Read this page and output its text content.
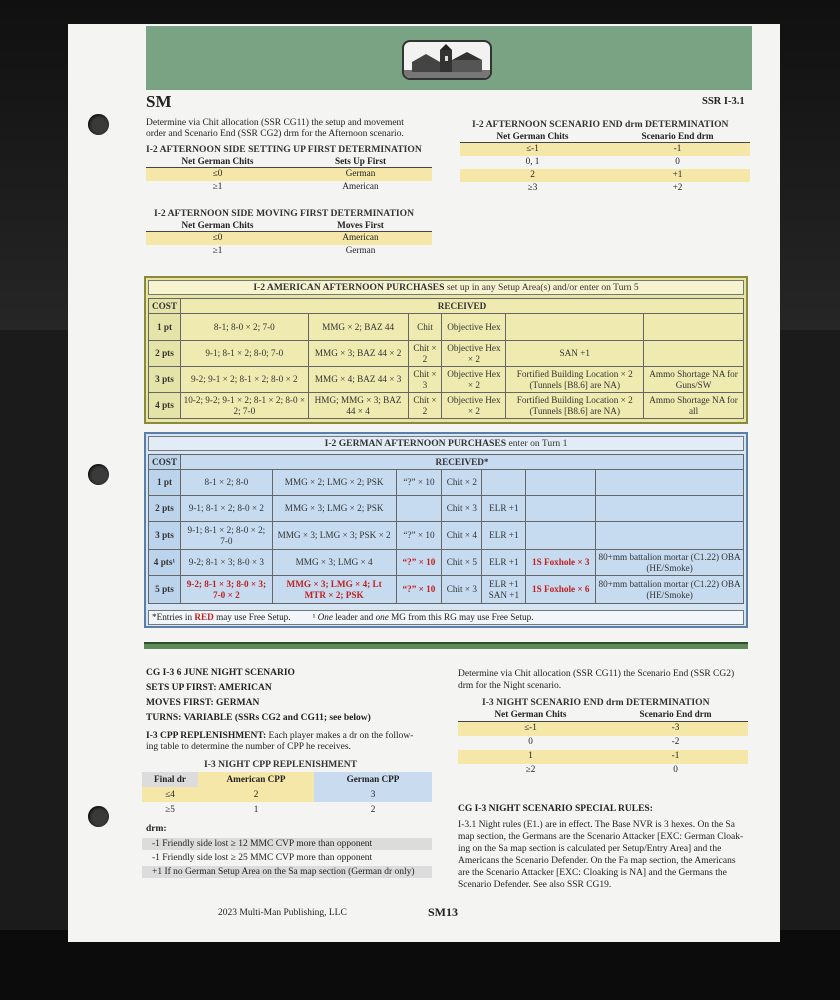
SM	SSR I-3.1
Determine via Chit allocation (SSR CG11) the setup and movement
order and Scenario End (SSR CG2) drm for the Afternoon scenario.
I-2 AFTERNOON SIDE SETTING UP FIRST DETERMINATION
Net German Chits	Sets Up First
≤0	German
≥1	American
I-2 AFTERNOON SIDE MOVING FIRST DETERMINATION
Net German Chits	Moves First
≤0	American
≥1	German
I-2 AFTERNOON SCENARIO END drm DETERMINATION
Net German Chits	Scenario End drm
≤-1	-1
0, 1	0
2	+1
≥3	+2
I-2 AMERICAN AFTERNOON PURCHASES set up in any Setup Area(s) and/or enter on Turn 5
COST	RECEIVED					
1 pt	8-1; 8-0 × 2; 7-0	MMG × 2; BAZ 44	Chit	Objective Hex		
2 pts	9-1; 8-1 × 2; 8-0; 7-0	MMG × 3; BAZ 44 × 2	Chit × 2	Objective Hex × 2	SAN +1	
3 pts	9-2; 9-1 × 2; 8-1 × 2; 8-0 × 2	MMG × 4; BAZ 44 × 3	Chit × 3	Objective Hex × 2	Fortified Building Location × 2 (Tunnels [B8.6] are NA)	Ammo Shortage NA for Guns/SW
4 pts	10-2; 9-2; 9-1 × 2; 8-1 × 2; 8-0 × 2; 7-0	HMG; MMG × 3; BAZ 44 × 4	Chit × 2	Objective Hex × 2	Fortified Building Location × 2 (Tunnels [B8.6] are NA)	Ammo Shortage NA for all
I-2 GERMAN AFTERNOON PURCHASES enter on Turn 1
COST	RECEIVED*						
1 pt	8-1 × 2; 8-0	MMG × 2; LMG × 2; PSK	“?” × 10	Chit × 2			
2 pts	9-1; 8-1 × 2; 8-0 × 2	MMG × 3; LMG × 2; PSK		Chit × 3	ELR +1		
3 pts	9-1; 8-1 × 2; 8-0 × 2; 7-0	MMG × 3; LMG × 3; PSK × 2	“?” × 10	Chit × 4	ELR +1		
4 pts¹	9-2; 8-1 × 3; 8-0 × 3	MMG × 3; LMG × 4	“?” × 10	Chit × 5	ELR +1	1S Foxhole × 3	80+mm battalion mortar (C1.22) OBA (HE/Smoke)
5 pts	9-2; 8-1 × 3; 8-0 × 3; 7-0 × 2	MMG × 3; LMG × 4; Lt MTR × 2; PSK	“?” × 10	Chit × 3	ELR +1 SAN +1	1S Foxhole × 6	80+mm battalion mortar (C1.22) OBA (HE/Smoke)
*Entries in RED may use Free Setup. ¹ One leader and one MG from this RG may use Free Setup.
CG I-3 6 JUNE NIGHT SCENARIO
SETS UP FIRST: AMERICAN
MOVES FIRST: GERMAN
TURNS: VARIABLE (SSRs CG2 and CG11; see below)
I-3 CPP REPLENISHMENT: Each player makes a dr on the follow-
ing table to determine the number of CPP he receives.
I-3 NIGHT CPP REPLENISHMENT
Final dr	American CPP	German CPP
≤4	2	3
≥5	1	2
drm:
-1 Friendly side lost ≥ 12 MMC CVP more than opponent
-1 Friendly side lost ≥ 25 MMC CVP more than opponent
+1 If no German Setup Area on the Sa map section (German dr only)
Determine via Chit allocation (SSR CG11) the Scenario End (SSR CG2)
drm for the Night scenario.
I-3 NIGHT SCENARIO END drm DETERMINATION
Net German Chits	Scenario End drm
≤-1	-3
0	-2
1	-1
≥2	0
CG I-3 NIGHT SCENARIO SPECIAL RULES:
I-3.1 Night rules (E1.) are in effect. The Base NVR is 3 hexes. On the Sa
map section, the Germans are the Scenario Attacker [EXC: German Cloak-
ing on the Sa map section is calculated per Setup/Entry Area] and the
Americans the Scenario Defender. On the Fa map section, the Americans
are the Scenario Attacker [EXC: Cloaking is NA] and the Germans the
Scenario Defender. See also SSR CG19.
2023 Multi-Man Publishing, LLC	SM13
